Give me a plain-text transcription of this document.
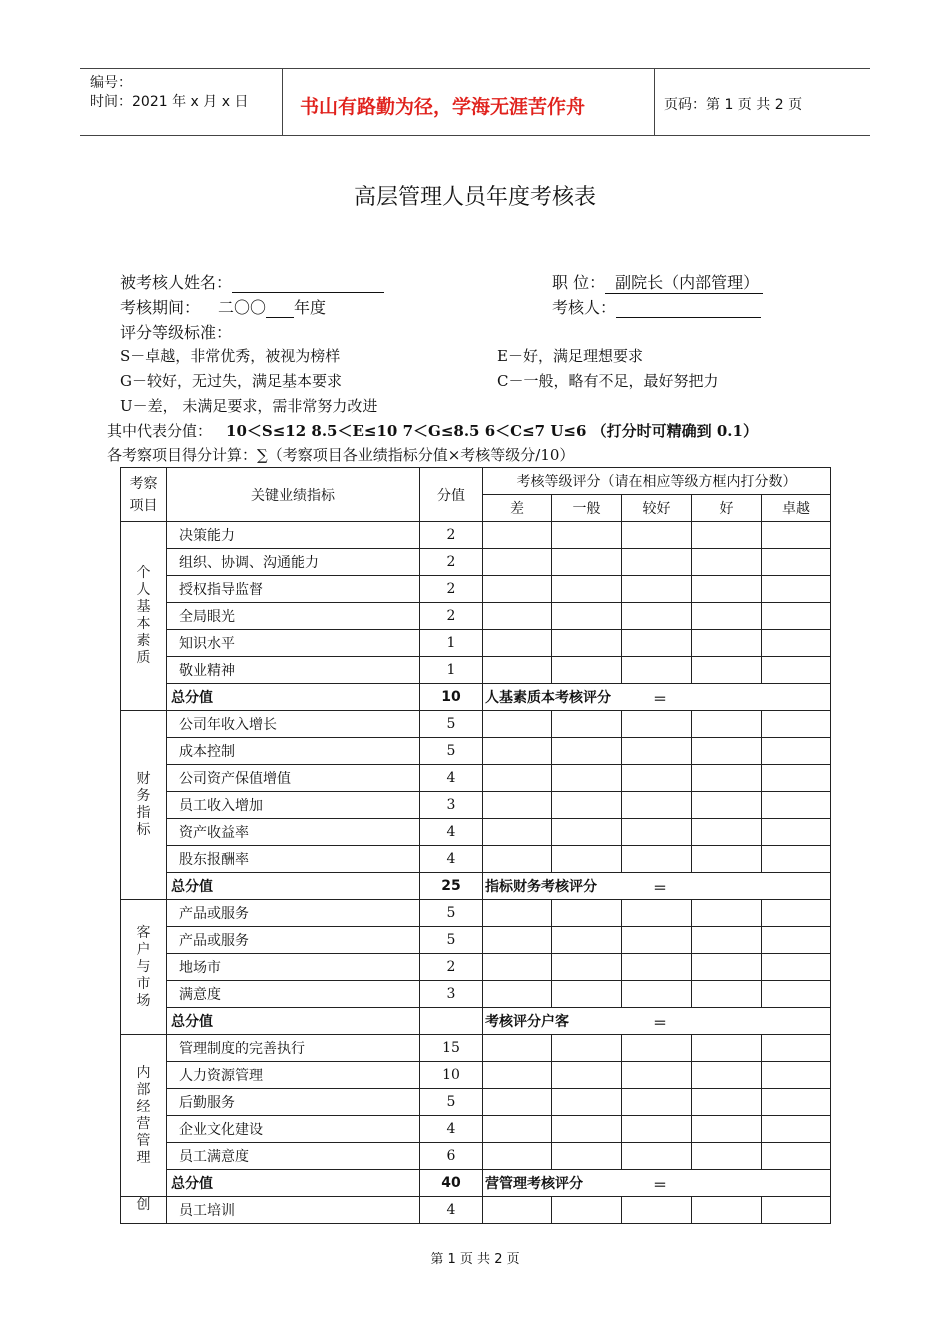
编号：
时间：2021 年 x 月 x 日	书山有路勤为径，学海无涯苦作舟	页码：第 1 页 共 2 页
高层管理人员年度考核表
被考核人姓名：	职 位： 副院长（内部管理）
考核期间： 二〇〇 年度	考核人：
评分等级标准：
S－卓越，非常优秀，被视为榜样	E－好，满足理想要求
G－较好，无过失，满足基本要求	C－一般，略有不足，最好努把力
U－差， 未满足要求，需非常努力改进
其中代表分值： 10＜S≤12 8.5＜E≤10 7＜G≤8.5 6＜C≤7 U≤6 （打分时可精确到 0.1）
各考察项目得分计算：∑（考察项目各业绩指标分值×考核等级分/10）
考察项目	关键业绩指标	分值	考核等级评分（请在相应等级方框内打分数）				
			差	一般	较好	好	卓越
个人基本素质	决策能力	2					
	组织、协调、沟通能力	2					
	授权指导监督	2					
	全局眼光	2					
	知识水平	1					
	敬业精神	1					
	总分值	10	人基素质本考核评分 ＝				

财务指标	公司年收入增长	5					
	成本控制	5					
	公司资产保值增值	4					
	员工收入增加	3					
	资产收益率	4					
	股东报酬率	4					
	总分值	25	指标财务考核评分 ＝				

客户与市场	产品或服务	5					
	产品或服务	5					
	地场市	2					
	满意度	3					
	总分值		考核评分户客 ＝				

内部经营管理	管理制度的完善执行	15					
	人力资源管理	10					
	后勤服务	5					
	企业文化建设	4					
	员工满意度	6					
	总分值	40	营管理考核评分 ＝				

创	员工培训	4					
第 1 页 共 2 页
